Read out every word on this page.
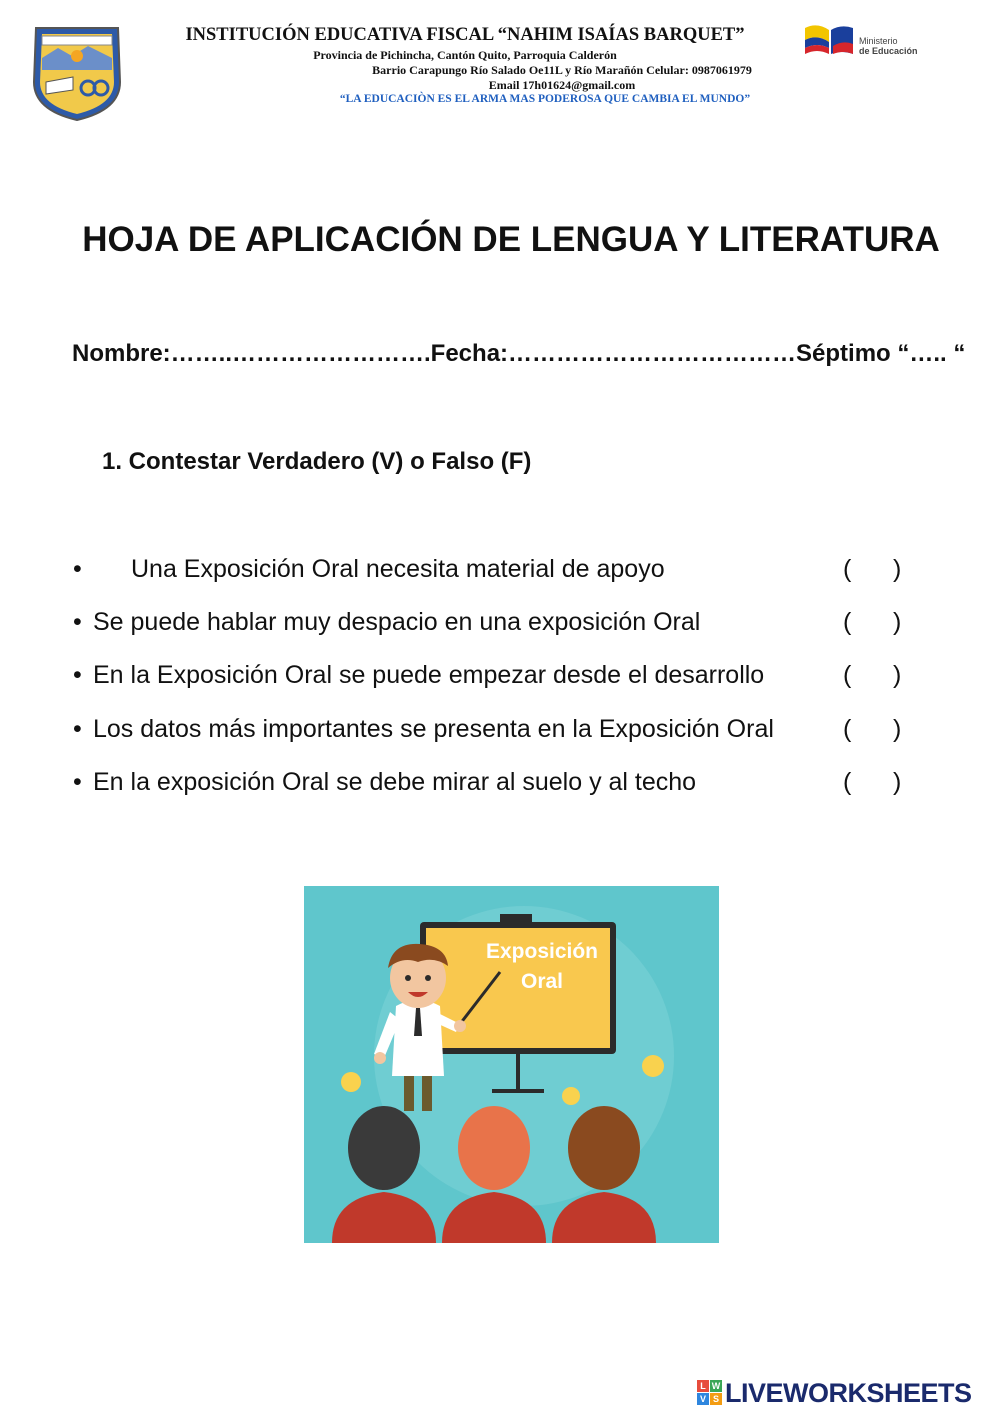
INSTITUCIÓN EDUCATIVA FISCAL “NAHIM ISAÍAS BARQUET”
Provincia de Pichincha, Cantón Quito, Parroquia Calderón
Barrio Carapungo Río Salado Oe11L y Río Marañón Celular: 0987061979
Email 17h01624@gmail.com
“LA EDUCACIÒN ES EL ARMA MAS PODEROSA QUE CAMBIA EL MUNDO”
Ministerio
de Educación
HOJA DE APLICACIÓN DE LENGUA Y LITERATURA
Nombre:……..…………………….Fecha:………………………………Séptimo “….. “
1. Contestar Verdadero (V) o Falso (F)
• Una Exposición Oral necesita material de apoyo	(      )
• Se puede hablar muy despacio en una exposición Oral	(      )
• En la Exposición Oral se puede empezar desde el desarrollo	(      )
• Los datos más importantes se presenta en la Exposición Oral	(      )
• En la exposición Oral se debe mirar al suelo y al techo	(      )
Exposición
Oral
L W
V S LIVEWORKSHEETS
